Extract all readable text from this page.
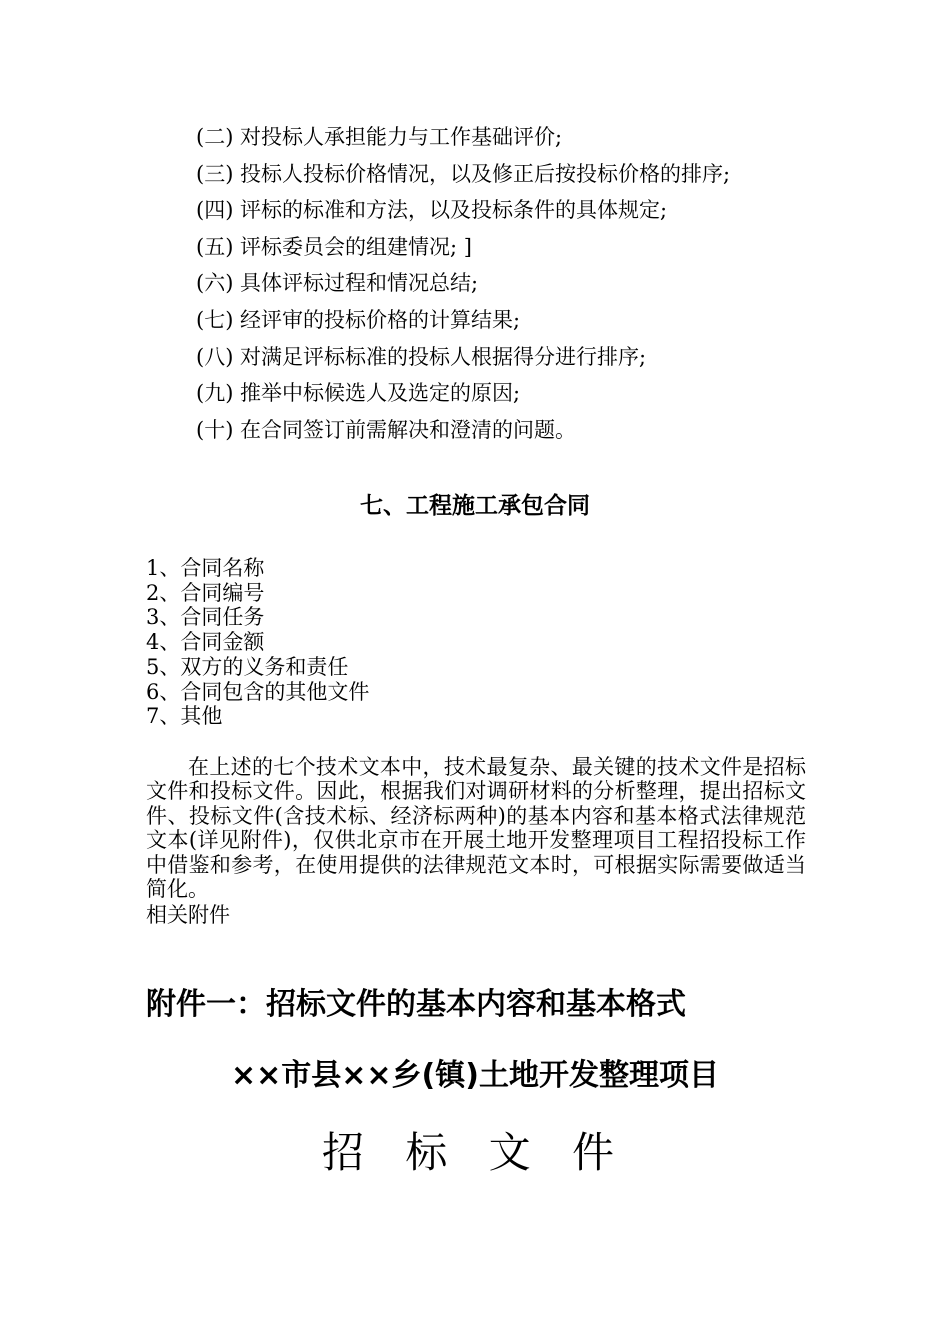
(二) 对投标人承担能力与工作基础评价;
(三) 投标人投标价格情况，以及修正后按投标价格的排序;
(四) 评标的标准和方法，以及投标条件的具体规定;
(五) 评标委员会的组建情况; ]
(六) 具体评标过程和情况总结;
(七) 经评审的投标价格的计算结果;
(八) 对满足评标标准的投标人根据得分进行排序;
(九) 推举中标候选人及选定的原因;
(十) 在合同签订前需解决和澄清的问题。
七、工程施工承包合同
1、合同名称
2、合同编号
3、合同任务
4、合同金额
5、双方的义务和责任
6、合同包含的其他文件
7、其他

在上述的七个技术文本中，技术最复杂、最关键的技术文件是招标文件和投标文件。因此，根据我们对调研材料的分析整理，提出招标文件、投标文件(含技术标、经济标两种)的基本内容和基本格式法律规范文本(详见附件)，仅供北京市在开展土地开发整理项目工程招投标工作中借鉴和参考，在使用提供的法律规范文本时，可根据实际需要做适当简化。

相关附件
附件一：招标文件的基本内容和基本格式
××市县××乡(镇)土地开发整理项目
招 标 文 件
